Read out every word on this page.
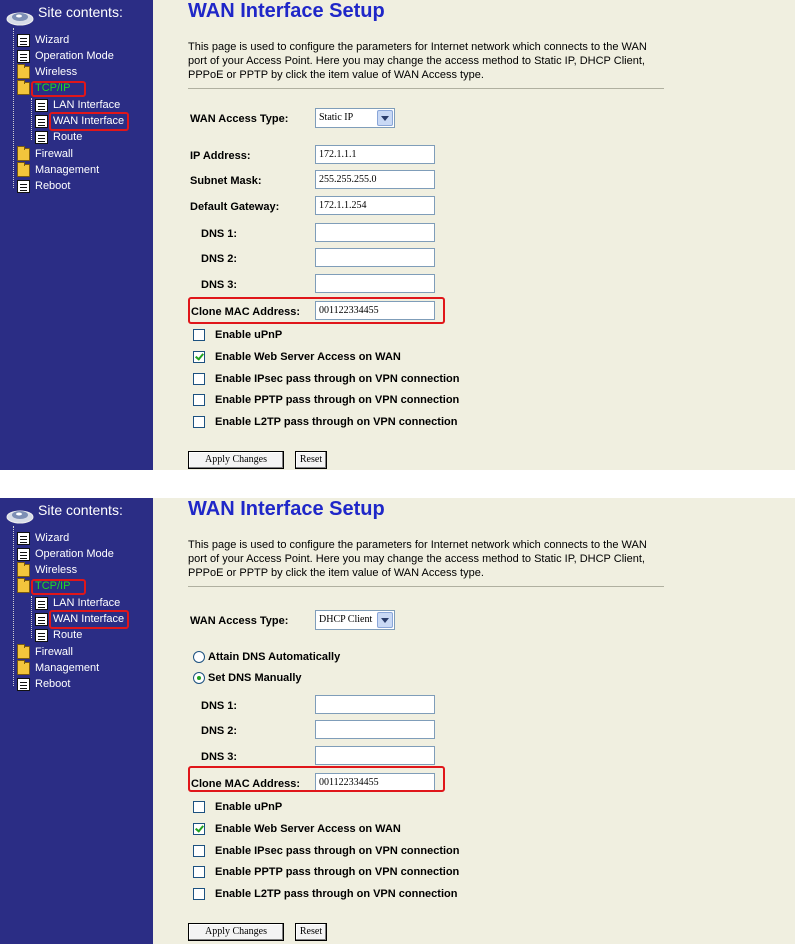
Site contents:
Wizard
Operation Mode
Wireless
TCP/IP
LAN Interface
WAN Interface
Route
Firewall
Management
Reboot
WAN Interface Setup
This page is used to configure the parameters for Internet network which connects to the WAN port of your Access Point. Here you may change the access method to Static IP, DHCP Client, PPPoE or PPTP by click the item value of WAN Access type.
WAN Access Type:	Static IP
IP Address:	172.1.1.1
Subnet Mask:	255.255.255.0
Default Gateway:	172.1.1.254
DNS 1:
DNS 2:
DNS 3:
Clone MAC Address:	001122334455
Enable uPnP
Enable Web Server Access on WAN
Enable IPsec pass through on VPN connection
Enable PPTP pass through on VPN connection
Enable L2TP pass through on VPN connection
Apply Changes	Reset
Site contents:
Wizard
Operation Mode
Wireless
TCP/IP
LAN Interface
WAN Interface
Route
Firewall
Management
Reboot
WAN Interface Setup
This page is used to configure the parameters for Internet network which connects to the WAN port of your Access Point. Here you may change the access method to Static IP, DHCP Client, PPPoE or PPTP by click the item value of WAN Access type.
WAN Access Type:	DHCP Client
Attain DNS Automatically
Set DNS Manually
DNS 1:
DNS 2:
DNS 3:
Clone MAC Address:	001122334455
Enable uPnP
Enable Web Server Access on WAN
Enable IPsec pass through on VPN connection
Enable PPTP pass through on VPN connection
Enable L2TP pass through on VPN connection
Apply Changes	Reset
